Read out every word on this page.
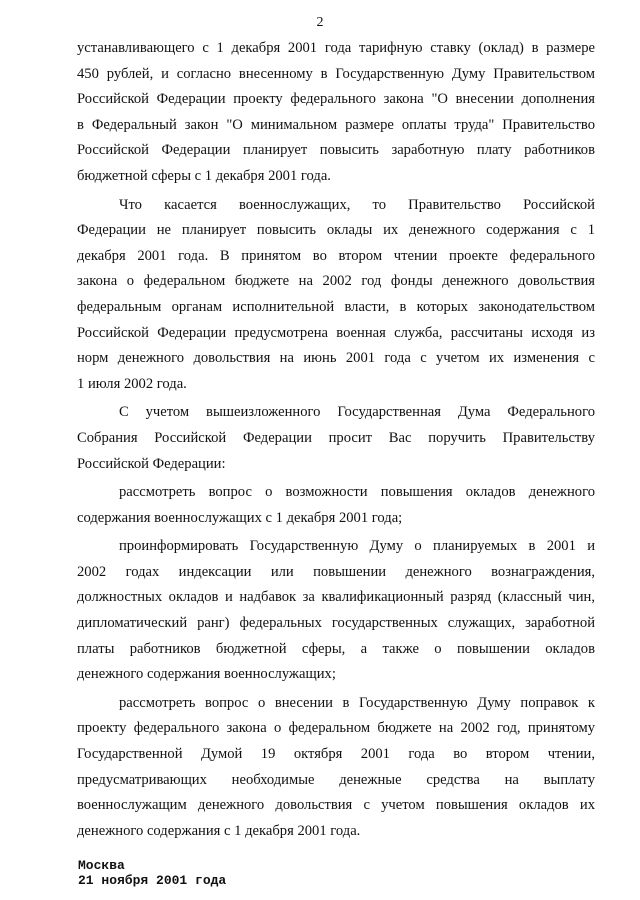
2
устанавливающего с 1 декабря 2001 года тарифную ставку (оклад) в размере
450 рублей, и согласно внесенному в Государственную Думу Правительством
Российской Федерации проекту федерального закона "О внесении дополнения
в Федеральный закон "О минимальном размере оплаты труда" Правительство
Российской Федерации планирует повысить заработную плату работников
бюджетной сферы с 1 декабря 2001 года.
Что касается военнослужащих, то Правительство Российской
Федерации не планирует повысить оклады их денежного содержания с 1
декабря 2001 года. В принятом во втором чтении проекте федерального
закона о федеральном бюджете на 2002 год фонды денежного довольствия
федеральным органам исполнительной власти, в которых законодательством
Российской Федерации предусмотрена военная служба, рассчитаны исходя из
норм денежного довольствия на июнь 2001 года с учетом их изменения с
1 июля 2002 года.
С учетом вышеизложенного Государственная Дума Федерального
Собрания Российской Федерации просит Вас поручить Правительству
Российской Федерации:
рассмотреть вопрос о возможности повышения окладов денежного
содержания военнослужащих с 1 декабря 2001 года;
проинформировать Государственную Думу о планируемых в 2001 и
2002 годах индексации или повышении денежного вознаграждения,
должностных окладов и надбавок за квалификационный разряд (классный чин,
дипломатический ранг) федеральных государственных служащих, заработной
платы работников бюджетной сферы, а также о повышении окладов
денежного содержания военнослужащих;
рассмотреть вопрос о внесении в Государственную Думу поправок к
проекту федерального закона о федеральном бюджете на 2002 год, принятому
Государственной Думой 19 октября 2001 года во втором чтении,
предусматривающих необходимые денежные средства на выплату
военнослужащим денежного довольствия с учетом повышения окладов их
денежного содержания с 1 декабря 2001 года.
Москва
21 ноября 2001 года
